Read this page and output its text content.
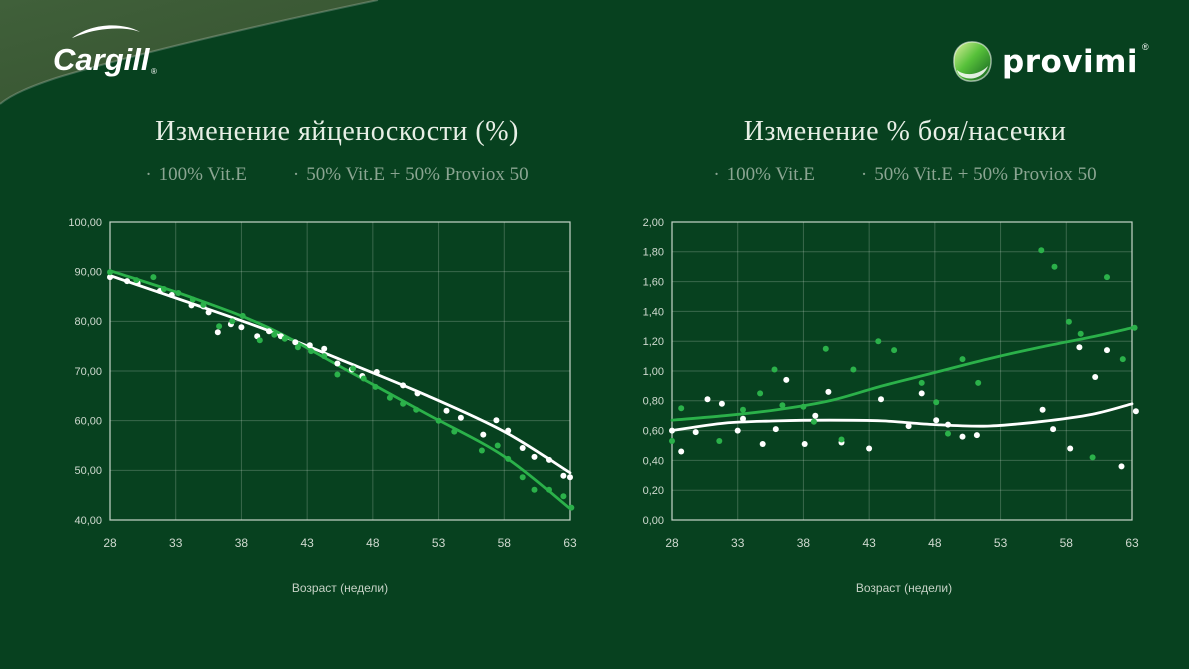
Cargill ®	provimi ®
Изменение яйценоскости (%)
· 100% Vit.E · 50% Vit.E + 50% Proviox 50
Изменение % боя/насечки
· 100% Vit.E · 50% Vit.E + 50% Proviox 50
100,00
90,00
80,00
70,00
60,00
50,00
40,00
28	33	38	43	48	53	58	63
2,00
1,80
1,60
1,40
1,20
1,00
0,80
0,60
0,40
0,20
0,00
28	33	38	43	48	53	58	63
Возраст (недели)	Возраст (недели)
